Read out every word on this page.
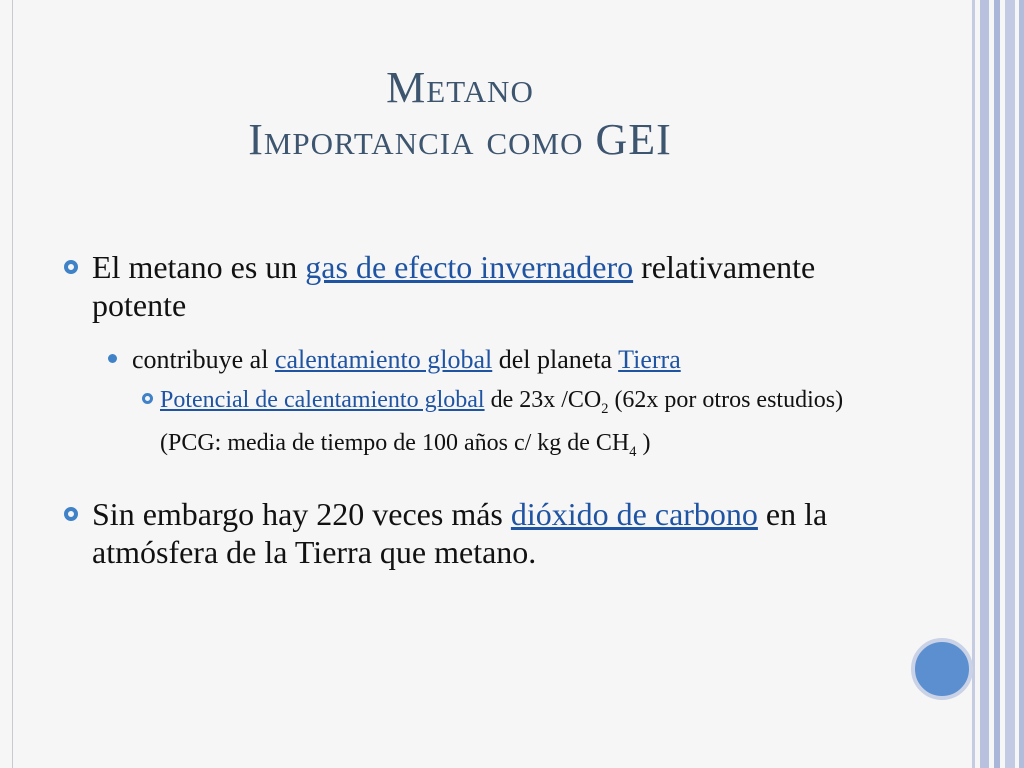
Metano
Importancia como GEI
El metano es un gas de efecto invernadero relativamente potente
contribuye al calentamiento global del planeta Tierra
Potencial de calentamiento global de 23x $/CO_2$ (62x por otros estudios) (PCG: media de tiempo de 100 años c/ kg de $CH_4$ )
Sin embargo hay 220 veces más dióxido de carbono en la atmósfera de la Tierra que metano.
